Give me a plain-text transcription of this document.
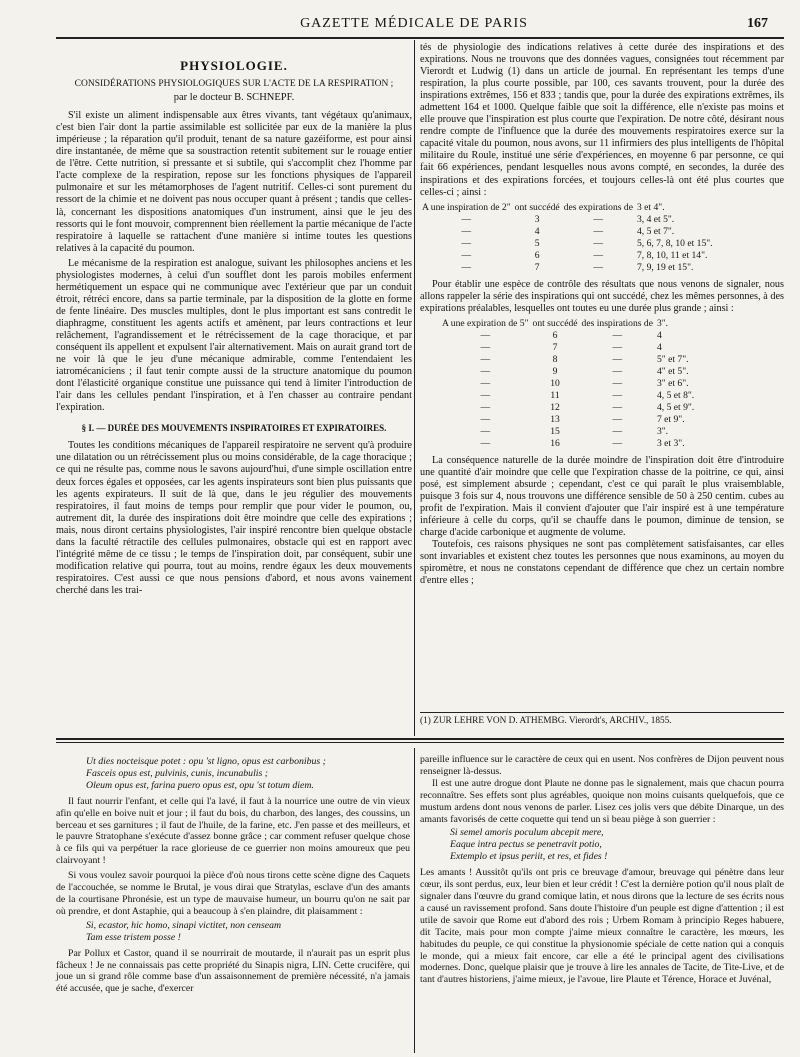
GAZETTE MÉDICALE DE PARIS	167
PHYSIOLOGIE.
CONSIDÉRATIONS PHYSIOLOGIQUES SUR L'ACTE DE LA RESPIRATION ;
par le docteur B. SCHNEPF.

S'il existe un aliment indispensable aux êtres vivants, tant végétaux qu'animaux, c'est bien l'air dont la partie assimilable est sollicitée par eux de la manière la plus impérieuse ; la réparation qu'il produit, tenant de sa nature gazéiforme, est pour ainsi dire instantanée, de même que sa soustraction retentit subitement sur le rouage entier de l'être. Cette nutrition, si pressante et si subtile, qui s'accomplit chez l'homme par l'acte complexe de la respiration, repose sur les fonctions physiques de l'appareil pulmonaire et sur les métamorphoses de l'agent nutritif. Celles-ci sont purement du ressort de la chimie et ne doivent pas nous occuper quant à présent ; tandis que celles-là, concernant les dispositions anatomiques d'un instrument, ainsi que le jeu des ressorts qui le font mouvoir, comprennent bien réellement la partie mécanique de l'acte respiratoire à laquelle se rattachent d'une manière si intime toutes les questions relatives à la capacité du poumon.

Le mécanisme de la respiration est analogue, suivant les philosophes anciens et les physiologistes modernes, à celui d'un soufflet dont les parois mobiles enferment hermétiquement un espace qui ne communique avec l'extérieur que par un conduit étroit, rétréci encore, dans sa partie terminale, par la disposition de la glotte en forme de fente linéaire. Des muscles multiples, dont le plus important est sans contredit le diaphragme, constituent les agents actifs et amènent, par leurs contractions et leur relâchement, l'agrandissement et le rétrécissement de la cage thoracique, et par conséquent ils appellent et expulsent l'air alternativement. Mais on aurait grand tort de ne voir là que le jeu d'une mécanique admirable, comme l'entendaient les iatromécaniciens ; il faut tenir compte aussi de la structure anatomique du poumon dont l'élasticité organique constitue une puissance qui tend à limiter l'introduction de l'air dans les cellules pendant l'inspiration, et à l'en chasser au contraire pendant l'expiration.

§ I. — DURÉE DES MOUVEMENTS INSPIRATOIRES ET EXPIRATOIRES.

Toutes les conditions mécaniques de l'appareil respiratoire ne servent qu'à produire une dilatation ou un rétrécissement plus ou moins considérable, de la cage thoracique ; ce qui ne résulte pas, comme nous le savons aujourd'hui, d'une simple oscillation entre deux forces égales et opposées, car les agents inspirateurs sont bien plus puissants que les agents expirateurs. Il suit de là que, dans le jeu régulier des mouvements respiratoires, il faut moins de temps pour remplir que pour vider le poumon, ou, autrement dit, la durée des inspirations doit être moindre que celle des expirations ; mais, nous diront certains physiologistes, l'air inspiré rencontre bien quelque obstacle dans la faculté rétractile des cellules pulmonaires, obstacle qui est en rapport avec l'intégrité même de ce tissu ; le temps de l'inspiration doit, par conséquent, subir une modification relative qui pourra, tout au moins, rendre égaux les deux mouvements respiratoires. C'est aussi ce que nous pensions d'abord, et nous avons vainement cherché dans les trai-

tés de physiologie des indications relatives à cette durée des inspirations et des expirations. Nous ne trouvons que des données vagues, consignées tout récemment par Vierordt et Ludwig (1) dans un article de journal. En représentant les temps d'une respiration, la plus courte possible, par 100, ces savants trouvent, pour la durée des inspirations extrêmes, 156 et 833 ; tandis que, pour la durée des expirations extrêmes, ils admettent 164 et 1000. Quelque faible que soit la différence, elle n'existe pas moins et elle prouve que l'inspiration est plus courte que l'expiration. De notre côté, désirant nous rendre compte de l'influence que la durée des mouvements respiratoires exerce sur la capacité vitale du poumon, nous avons, sur 11 infirmiers des plus intelligents de l'hôpital militaire du Roule, institué une série d'expériences, en moyenne 6 par personne, ce qui fait 66 expériences, pendant lesquelles nous avons compté, en secondes, la durée des inspirations et des expirations forcées, et toujours celles-là ont été plus courtes que celles-ci ; ainsi :

A une inspiration de 2"	ont succédé	des expirations de	3 et 4".
—	3	—	3, 4 et 5".
—	4	—	4, 5 et 7".
—	5	—	5, 6, 7, 8, 10 et 15".
—	6	—	7, 8, 10, 11 et 14".
—	7	—	7, 9, 19 et 15".

Pour établir une espèce de contrôle des résultats que nous venons de signaler, nous allons rappeler la série des inspirations qui ont succédé, chez les mêmes personnes, à des expirations préalables, lesquelles ont toutes eu une durée plus grande ; ainsi :

A une expiration de 5"	ont succédé	des inspirations de	3".
—	6	—	4
—	7	—	4
—	8	—	5" et 7".
—	9	—	4" et 5".
—	10	—	3" et 6".
—	11	—	4, 5 et 8".
—	12	—	4, 5 et 9".
—	13	—	7 et 9".
—	15	—	3".
—	16	—	3 et 3".

La conséquence naturelle de la durée moindre de l'inspiration doit être d'introduire une quantité d'air moindre que celle que l'expiration chasse de la poitrine, ce qui, ainsi posé, est simplement absurde ; cependant, c'est ce qui paraît le plus vraisemblable, puisque 3 fois sur 4, nous trouvons une différence sensible de 50 à 250 centim. cubes au profit de l'expiration. Mais il convient d'ajouter que l'air inspiré est à une température inférieure à celle du corps, qu'il se chauffe dans le poumon, diminue de tension, se charge d'acide carbonique et augmente de volume.

Toutefois, ces raisons physiques ne sont pas complètement satisfaisantes, car elles sont invariables et existent chez toutes les personnes que nous examinons, au moyen du spiromètre, et nous ne constatons cependant de différence que chez un certain nombre d'entre elles ;

(1) ZUR LEHRE VON D. ATHEMBG. Vierordt's, ARCHIV., 1855.
Ut dies nocteisque potet : opu 'st ligno, opus est carbonibus ;
Fasceis opus est, pulvinis, cunis, incunabulis ;
Oleum opus est, farina puero opus est, opu 'st totum diem.

Il faut nourrir l'enfant, et celle qui l'a lavé, il faut à la nourrice une outre de vin vieux afin qu'elle en boive nuit et jour ; il faut du bois, du charbon, des langes, des coussins, un berceau et ses garnitures ; il faut de l'huile, de la farine, etc. J'en passe et des meilleurs, et le pauvre Stratophane s'exécute d'assez bonne grâce ; car comment refuser quelque chose à ce fils qui va perpétuer la race glorieuse de ce guerrier non moins amoureux que peu clairvoyant !

Si vous voulez savoir pourquoi la pièce d'où nous tirons cette scène digne des Caquets de l'accouchée, se nomme le Brutal, je vous dirai que Stratylas, esclave d'un des amants de la courtisane Phronésie, est un type de mauvaise humeur, un bourru qu'on ne sait par où prendre, et dont Astaphie, qui a beaucoup à s'en plaindre, dit plaisamment :

Si, ecastor, hic homo, sinapi victitet, non censeam
Tam esse tristem posse !

Par Pollux et Castor, quand il se nourrirait de moutarde, il n'aurait pas un esprit plus fâcheux ! Je ne connaissais pas cette propriété du Sinapis nigra, LIN. Cette crucifère, qui joue un si grand rôle comme base d'un assaisonnement de première nécessité, n'a jamais été accusée, que je sache, d'exercer

pareille influence sur le caractère de ceux qui en usent. Nos confrères de Dijon peuvent nous renseigner là-dessus.

Il est une autre drogue dont Plaute ne donne pas le signalement, mais que chacun pourra reconnaître. Ses effets sont plus agréables, quoique non moins cuisants quelquefois, que ce mustum ardens dont nous venons de parler. Lisez ces jolis vers que débite Dinarque, un des amants favorisés de cette coquette qui tend un si beau piège à son guerrier :

Si semel amoris poculum abcepit mere,
Eaque intra pectus se penetravit potio,
Extemplo et ipsus periit, et res, et fides !

Les amants ! Aussitôt qu'ils ont pris ce breuvage d'amour, breuvage qui pénètre dans leur cœur, ils sont perdus, eux, leur bien et leur crédit ! C'est la dernière potion qu'il nous plaît de signaler dans l'œuvre du grand comique latin, et nous dirons que la lecture de ses écrits nous a causé un ravissement profond. Sans doute l'histoire d'un peuple est digne d'attention ; il est utile de savoir que Rome eut d'abord des rois ; Urbem Romam à principio Reges habuere, dit Tacite, mais pour mon compte j'aime mieux connaître le caractère, les mœurs, les habitudes du peuple, ce qui constitue la physionomie spéciale de cette nation qui a conquis le monde, qui a mieux fait encore, car elle a été le principal agent des civilisations modernes. Donc, quelque plaisir que je trouve à lire les annales de Tacite, de Tite-Live, et de tant d'autres historiens, j'aime mieux, je l'avoue, lire Plaute et Térence, Horace et Juvénal,
